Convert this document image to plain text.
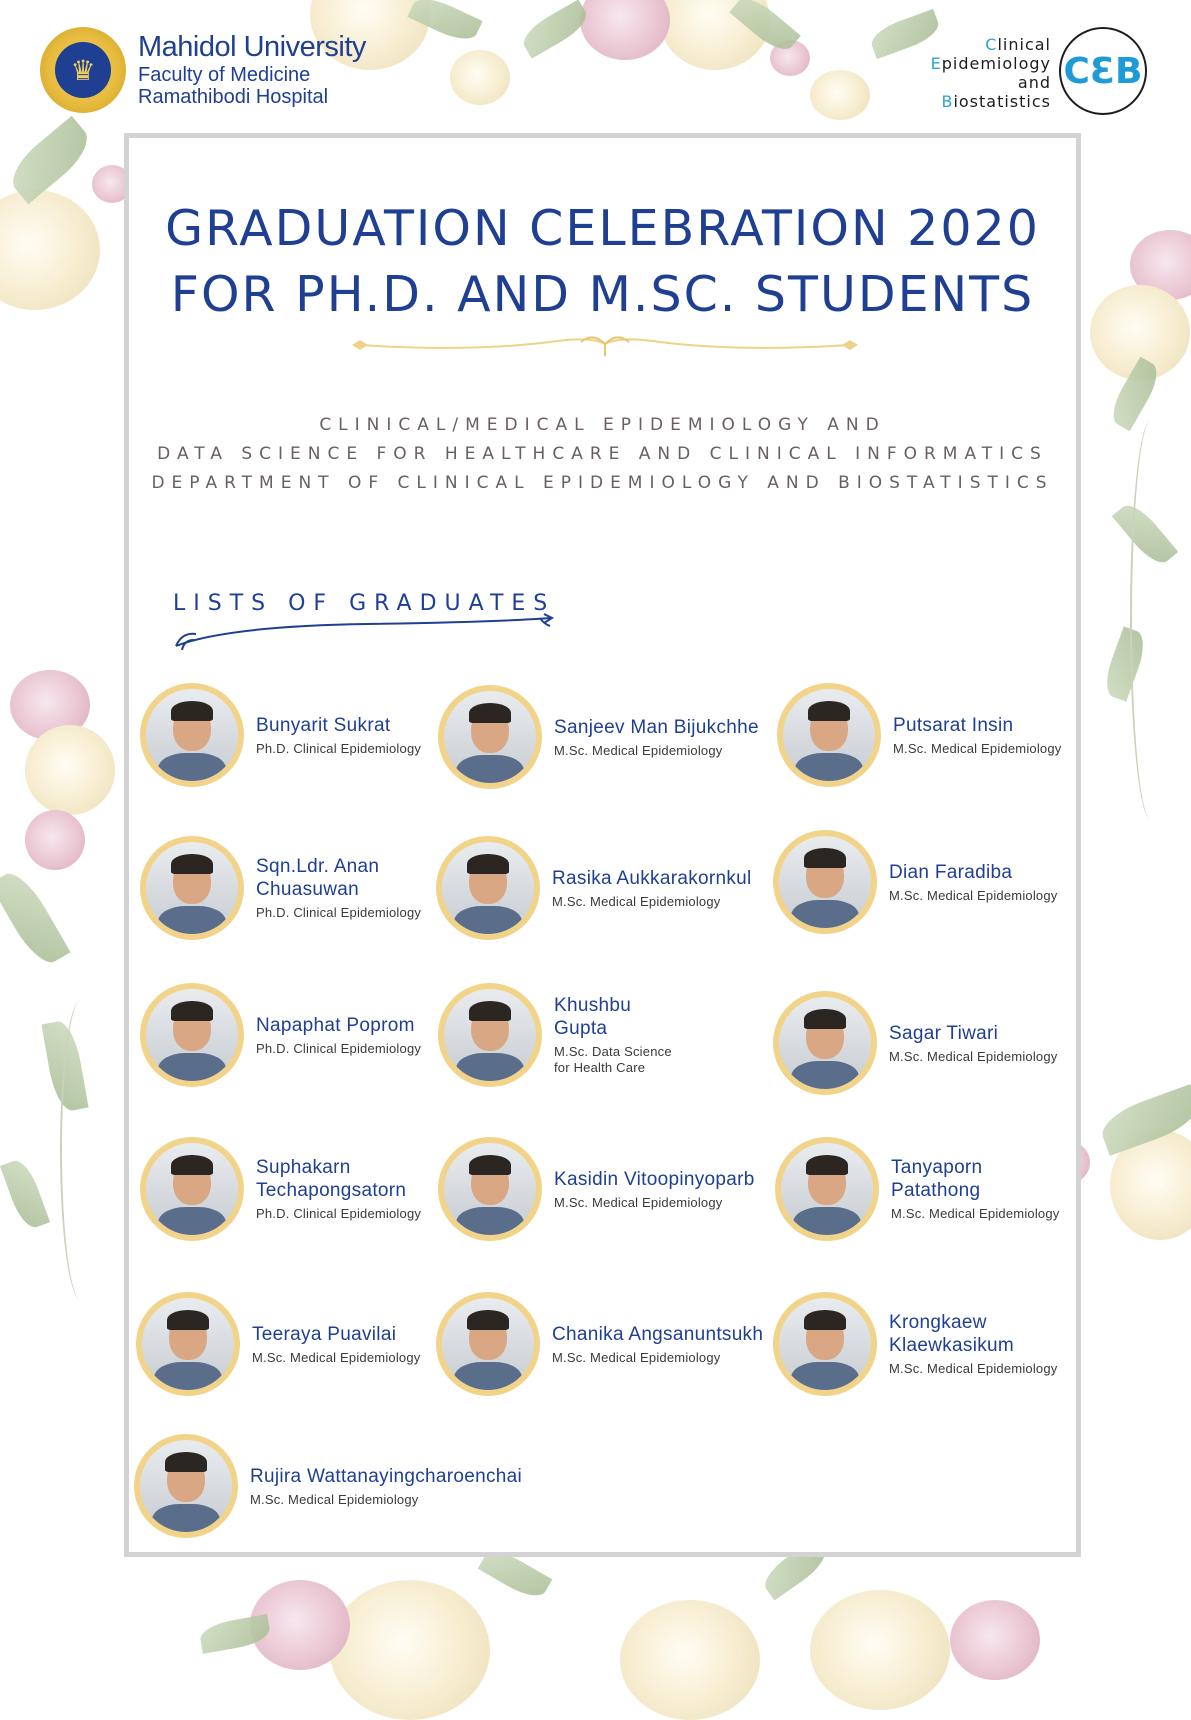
♛
Mahidol University
Faculty of Medicine
Ramathibodi Hospital
Clinical
Epidemiology
and
Biostatistics
CƐB
GRADUATION CELEBRATION 2020
FOR PH.D. AND M.SC. STUDENTS
CLINICAL/MEDICAL EPIDEMIOLOGY AND
DATA SCIENCE FOR HEALTHCARE AND CLINICAL INFORMATICS
DEPARTMENT OF CLINICAL EPIDEMIOLOGY AND BIOSTATISTICS
LISTS OF GRADUATES
Bunyarit Sukrat
Ph.D. Clinical Epidemiology
Sanjeev Man Bijukchhe
M.Sc. Medical Epidemiology
Putsarat Insin
M.Sc. Medical Epidemiology
Sqn.Ldr. Anan Chuasuwan
Ph.D. Clinical Epidemiology
Rasika Aukkarakornkul
M.Sc. Medical Epidemiology
Dian Faradiba
M.Sc. Medical Epidemiology
Napaphat Poprom
Ph.D. Clinical Epidemiology
Khushbu Gupta
M.Sc. Data Science for Health Care
Sagar Tiwari
M.Sc. Medical Epidemiology
Suphakarn Techapongsatorn
Ph.D. Clinical Epidemiology
Kasidin Vitoopinyoparb
M.Sc. Medical Epidemiology
Tanyaporn Patathong
M.Sc. Medical Epidemiology
Teeraya Puavilai
M.Sc. Medical Epidemiology
Chanika Angsanuntsukh
M.Sc. Medical Epidemiology
Krongkaew Klaewkasikum
M.Sc. Medical Epidemiology
Rujira Wattanayingcharoenchai
M.Sc. Medical Epidemiology
